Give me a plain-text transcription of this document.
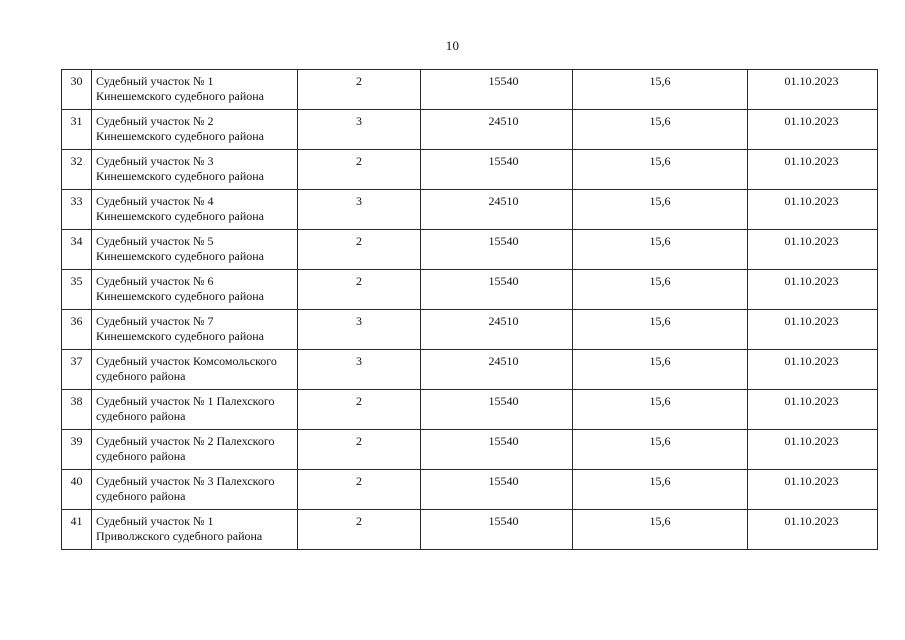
10
30	Судебный участок № 1
Кинешемского судебного района	2	15540	15,6	01.10.2023
31	Судебный участок № 2
Кинешемского судебного района	3	24510	15,6	01.10.2023
32	Судебный участок № 3
Кинешемского судебного района	2	15540	15,6	01.10.2023
33	Судебный участок № 4
Кинешемского судебного района	3	24510	15,6	01.10.2023
34	Судебный участок № 5
Кинешемского судебного района	2	15540	15,6	01.10.2023
35	Судебный участок № 6
Кинешемского судебного района	2	15540	15,6	01.10.2023
36	Судебный участок № 7
Кинешемского судебного района	3	24510	15,6	01.10.2023
37	Судебный участок Комсомольского
судебного района	3	24510	15,6	01.10.2023
38	Судебный участок № 1 Палехского
судебного района	2	15540	15,6	01.10.2023
39	Судебный участок № 2 Палехского
судебного района	2	15540	15,6	01.10.2023
40	Судебный участок № 3 Палехского
судебного района	2	15540	15,6	01.10.2023
41	Судебный участок № 1
Приволжского судебного района	2	15540	15,6	01.10.2023
